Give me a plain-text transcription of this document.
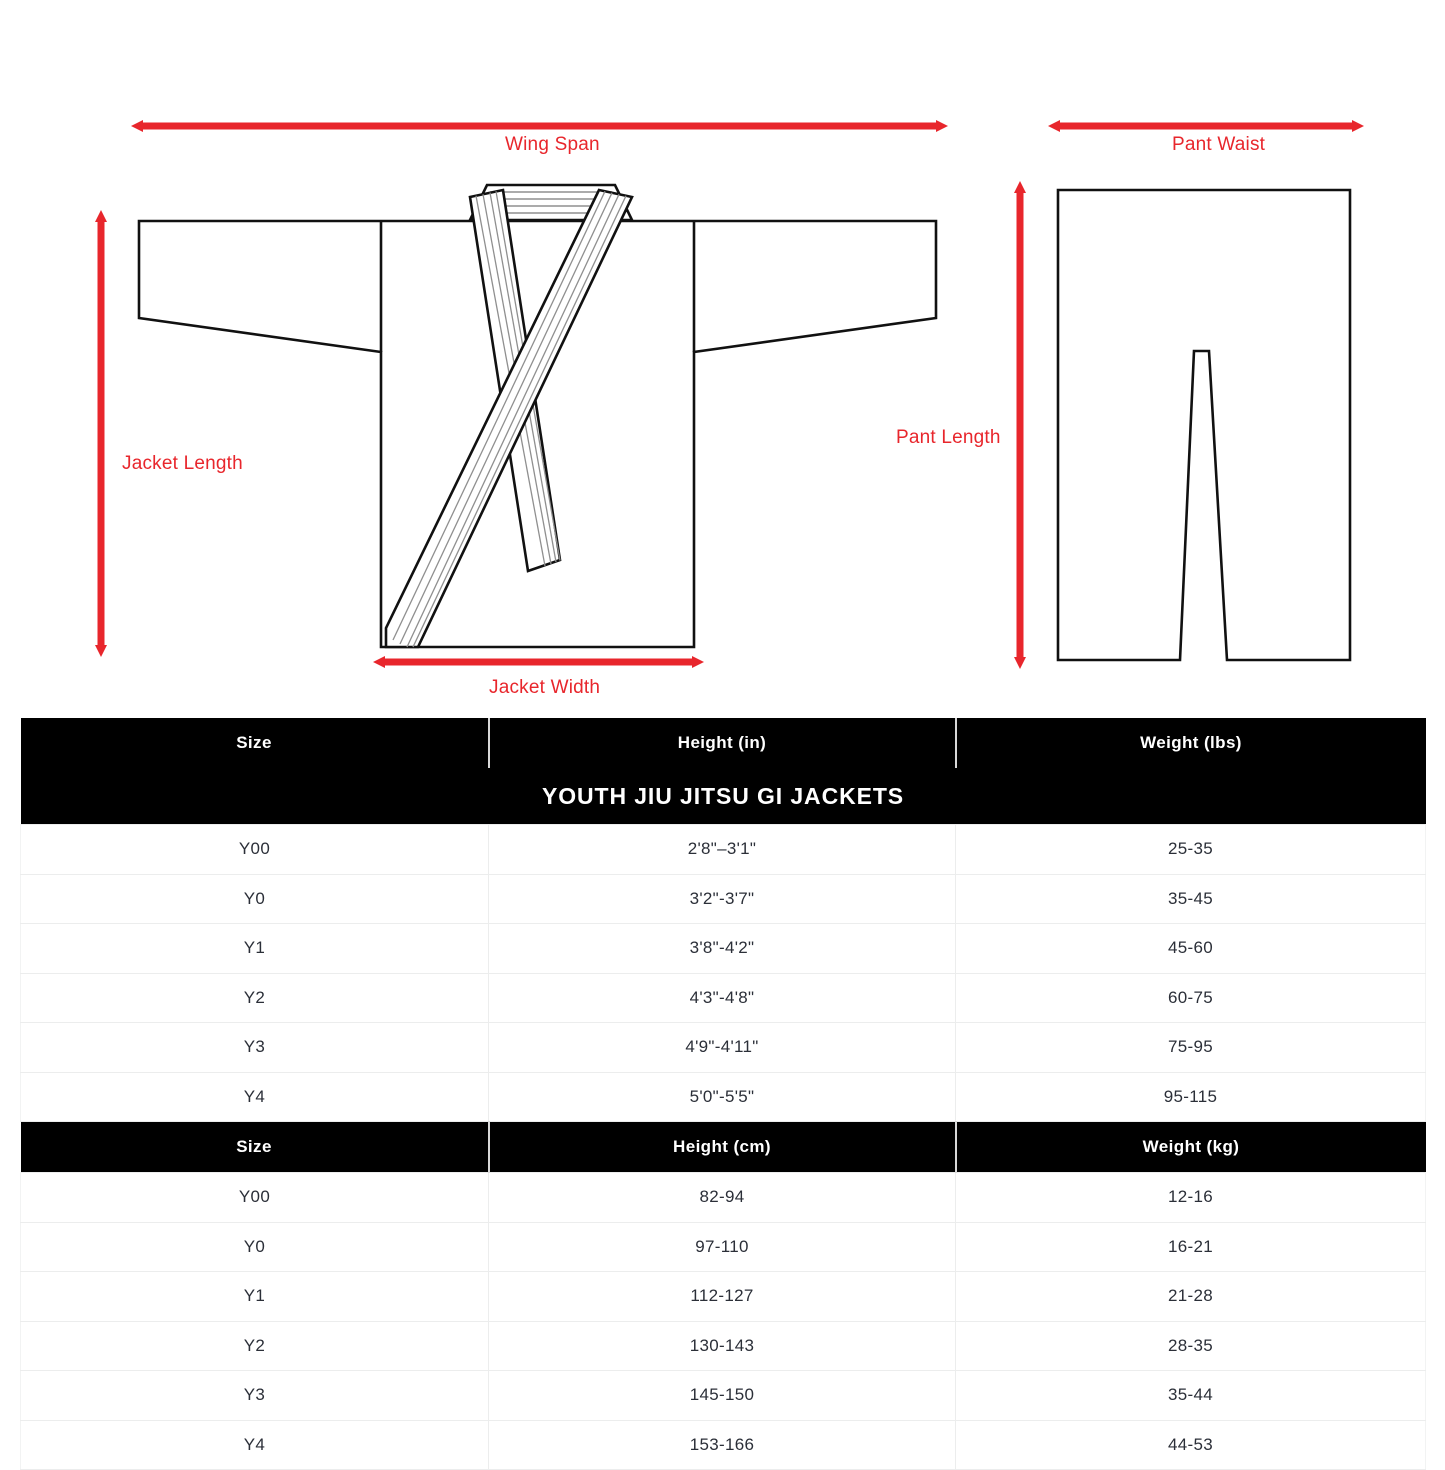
Wing Span	Pant Waist
Jacket Length
Pant Length
Jacket Width
YOUTH JIU JITSU GI JACKETS		
Size	Height (in)	Weight (lbs)
Y00	2'8"–3'1"	25-35
Y0	3'2"-3'7"	35-45
Y1	3'8"-4'2"	45-60
Y2	4'3"-4'8"	60-75
Y3	4'9"-4'11"	75-95
Y4	5'0"-5'5"	95-115
Size	Height (cm)	Weight (kg)
Y00	82-94	12-16
Y0	97-110	16-21
Y1	112-127	21-28
Y2	130-143	28-35
Y3	145-150	35-44
Y4	153-166	44-53
